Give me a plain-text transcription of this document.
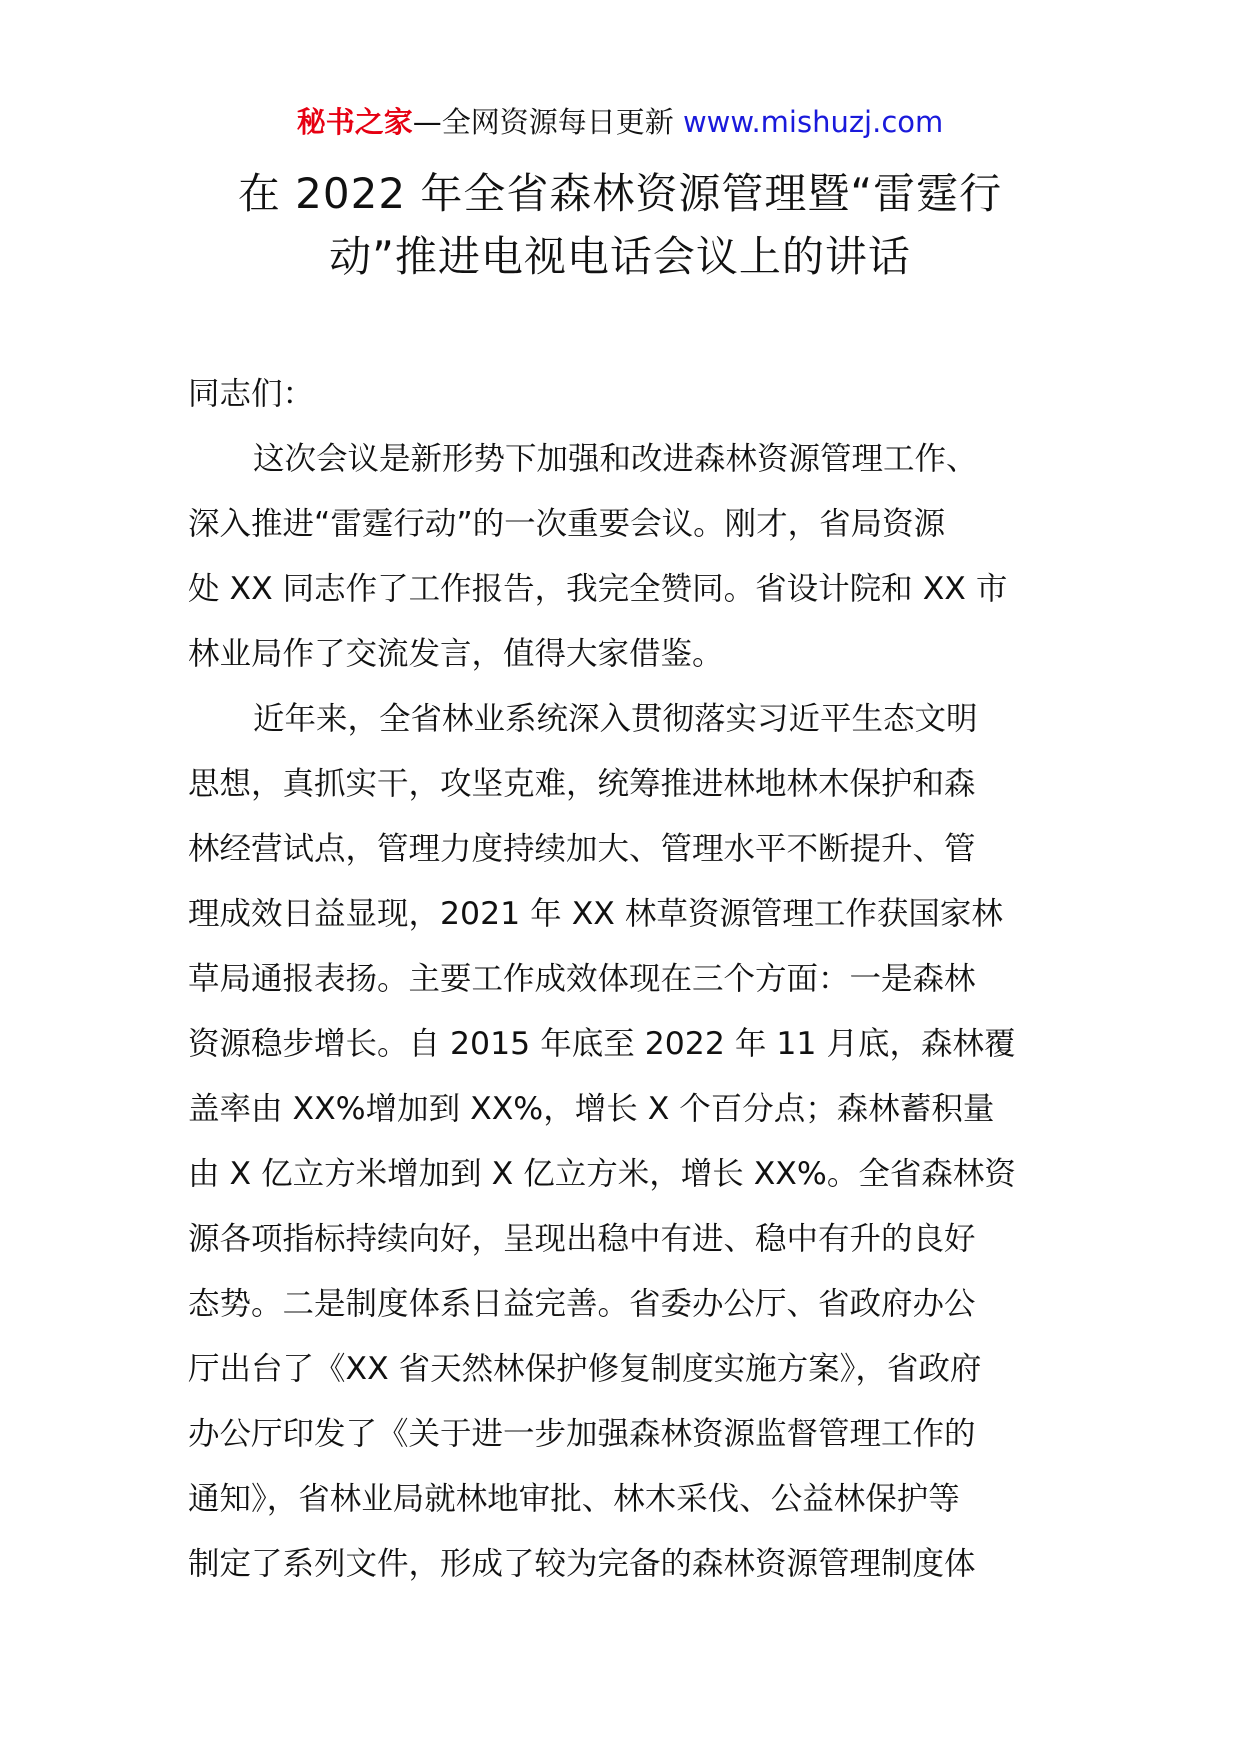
秘书之家—全网资源每日更新 www.mishuzj.com
在 2022 年全省森林资源管理暨“雷霆行
动”推进电视电话会议上的讲话
同志们：
这次会议是新形势下加强和改进森林资源管理工作、
深入推进“雷霆行动”的一次重要会议。刚才，省局资源
处 XX 同志作了工作报告，我完全赞同。省设计院和 XX 市
林业局作了交流发言，值得大家借鉴。
近年来，全省林业系统深入贯彻落实习近平生态文明
思想，真抓实干，攻坚克难，统筹推进林地林木保护和森
林经营试点，管理力度持续加大、管理水平不断提升、管
理成效日益显现，2021 年 XX 林草资源管理工作获国家林
草局通报表扬。主要工作成效体现在三个方面：一是森林
资源稳步增长。自 2015 年底至 2022 年 11 月底，森林覆
盖率由 XX%增加到 XX%，增长 X 个百分点；森林蓄积量
由 X 亿立方米增加到 X 亿立方米，增长 XX%。全省森林资
源各项指标持续向好，呈现出稳中有进、稳中有升的良好
态势。二是制度体系日益完善。省委办公厅、省政府办公
厅出台了《XX 省天然林保护修复制度实施方案》，省政府
办公厅印发了《关于进一步加强森林资源监督管理工作的
通知》，省林业局就林地审批、林木采伐、公益林保护等
制定了系列文件，形成了较为完备的森林资源管理制度体
